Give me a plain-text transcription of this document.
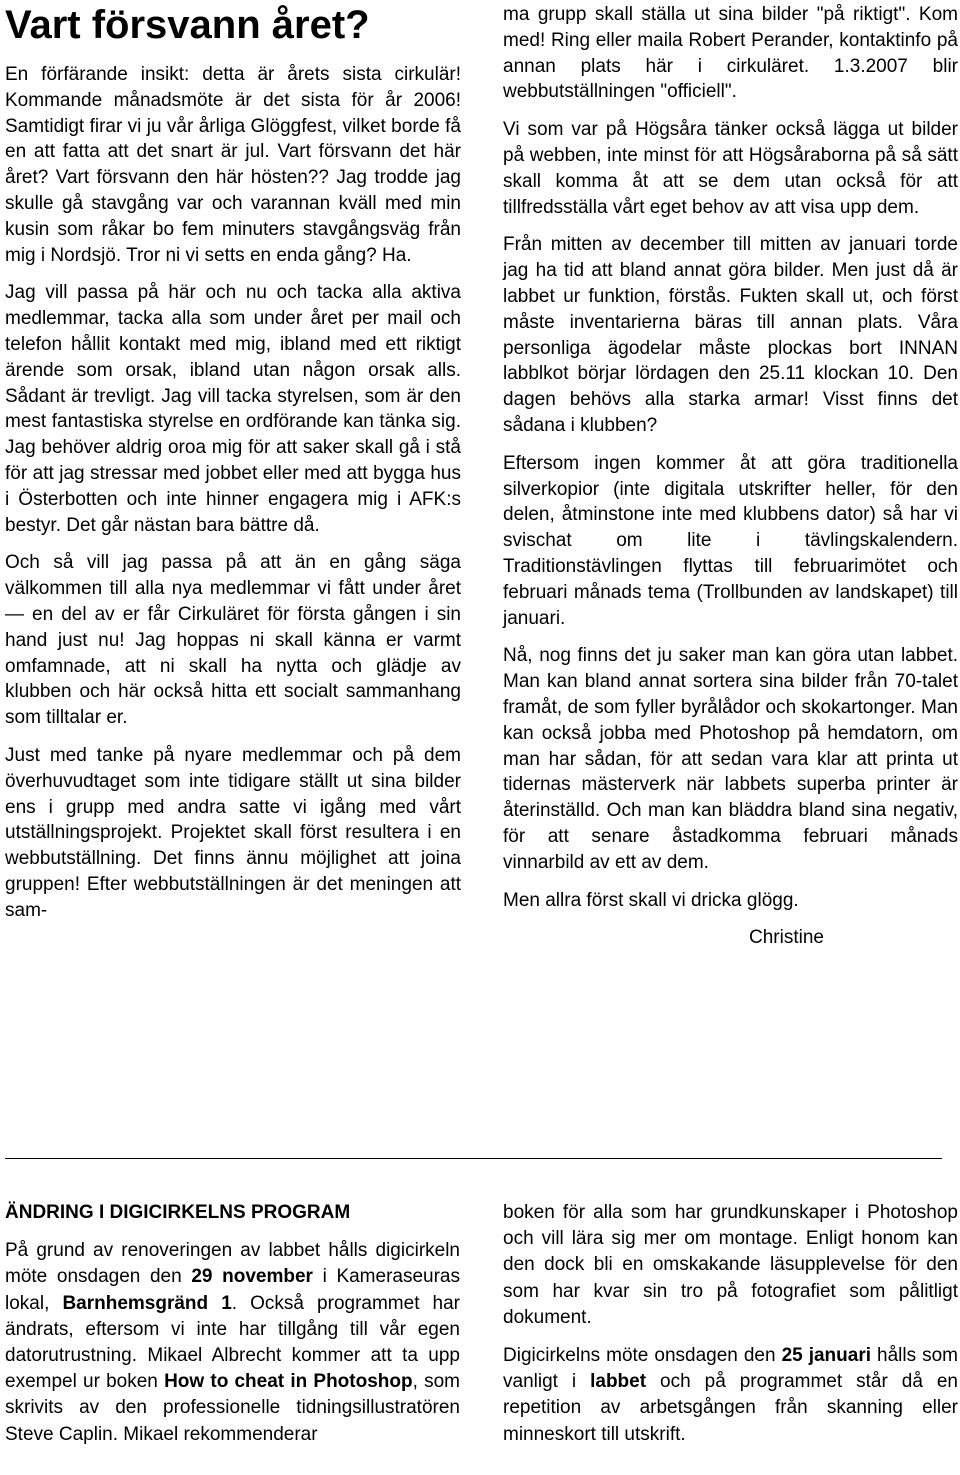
Vart försvann året?

En förfärande insikt: detta är årets sista cirkulär! Kommande månadsmöte är det sista för år 2006! Samtidigt firar vi ju vår årliga Glöggfest, vilket borde få en att fatta att det snart är jul. Vart försvann det här året? Vart försvann den här hösten?? Jag trodde jag skulle gå stavgång var och varannan kväll med min kusin som råkar bo fem minuters stavgångsväg från mig i Nordsjö. Tror ni vi setts en enda gång? Ha.

Jag vill passa på här och nu och tacka alla aktiva medlemmar, tacka alla som under året per mail och telefon hållit kontakt med mig, ibland med ett riktigt ärende som orsak, ibland utan någon orsak alls. Sådant är trevligt. Jag vill tacka styrelsen, som är den mest fantastiska styrelse en ordförande kan tänka sig. Jag behöver aldrig oroa mig för att saker skall gå i stå för att jag stressar med jobbet eller med att bygga hus i Österbotten och inte hinner engagera mig i AFK:s bestyr. Det går nästan bara bättre då.

Och så vill jag passa på att än en gång säga välkommen till alla nya medlemmar vi fått under året — en del av er får Cirkuläret för första gången i sin hand just nu! Jag hoppas ni skall känna er varmt omfamnade, att ni skall ha nytta och glädje av klubben och här också hitta ett socialt sammanhang som tilltalar er.

Just med tanke på nyare medlemmar och på dem överhuvudtaget som inte tidigare ställt ut sina bilder ens i grupp med andra satte vi igång med vårt utställningsprojekt. Projektet skall först resultera i en webbutställning. Det finns ännu möjlighet att joina gruppen! Efter webbutställningen är det meningen att sam-

ma grupp skall ställa ut sina bilder "på riktigt". Kom med! Ring eller maila Robert Perander, kontaktinfo på annan plats här i cirkuläret. 1.3.2007 blir webbutställningen "officiell".

Vi som var på Högsåra tänker också lägga ut bilder på webben, inte minst för att Högsåraborna på så sätt skall komma åt att se dem utan också för att tillfredsställa vårt eget behov av att visa upp dem.

Från mitten av december till mitten av januari torde jag ha tid att bland annat göra bilder. Men just då är labbet ur funktion, förstås. Fukten skall ut, och först måste inventarierna bäras till annan plats. Våra personliga ägodelar måste plockas bort INNAN labblkot börjar lördagen den 25.11 klockan 10. Den dagen behövs alla starka armar! Visst finns det sådana i klubben?

Eftersom ingen kommer åt att göra traditionella silverkopior (inte digitala utskrifter heller, för den delen, åtminstone inte med klubbens dator) så har vi svischat om lite i tävlingskalendern. Traditionstävlingen flyttas till februarimötet och februari månads tema (Trollbunden av landskapet) till januari.

Nå, nog finns det ju saker man kan göra utan labbet. Man kan bland annat sortera sina bilder från 70-talet framåt, de som fyller byrålådor och skokartonger. Man kan också jobba med Photoshop på hemdatorn, om man har sådan, för att sedan vara klar att printa ut tidernas mästerverk när labbets superba printer är återinställd. Och man kan bläddra bland sina negativ, för att senare åstadkomma februari månads vinnarbild av ett av dem.

Men allra först skall vi dricka glögg.

Christine

ÄNDRING I DIGICIRKELNS PROGRAM

På grund av renoveringen av labbet hålls digicirkeln möte onsdagen den 29 november i Kameraseuras lokal, Barnhemsgränd 1. Också programmet har ändrats, eftersom vi inte har tillgång till vår egen datorutrustning. Mikael Albrecht kommer att ta upp exempel ur boken How to cheat in Photoshop, som skrivits av den professionelle tidningsillustratören Steve Caplin. Mikael rekommenderar

boken för alla som har grundkunskaper i Photoshop och vill lära sig mer om montage. Enligt honom kan den dock bli en omskakande läsupplevelse för den som har kvar sin tro på fotografiet som pålitligt dokument.

Digicirkelns möte onsdagen den 25 januari hålls som vanligt i labbet och på programmet står då en repetition av arbetsgången från skanning eller minneskort till utskrift.
